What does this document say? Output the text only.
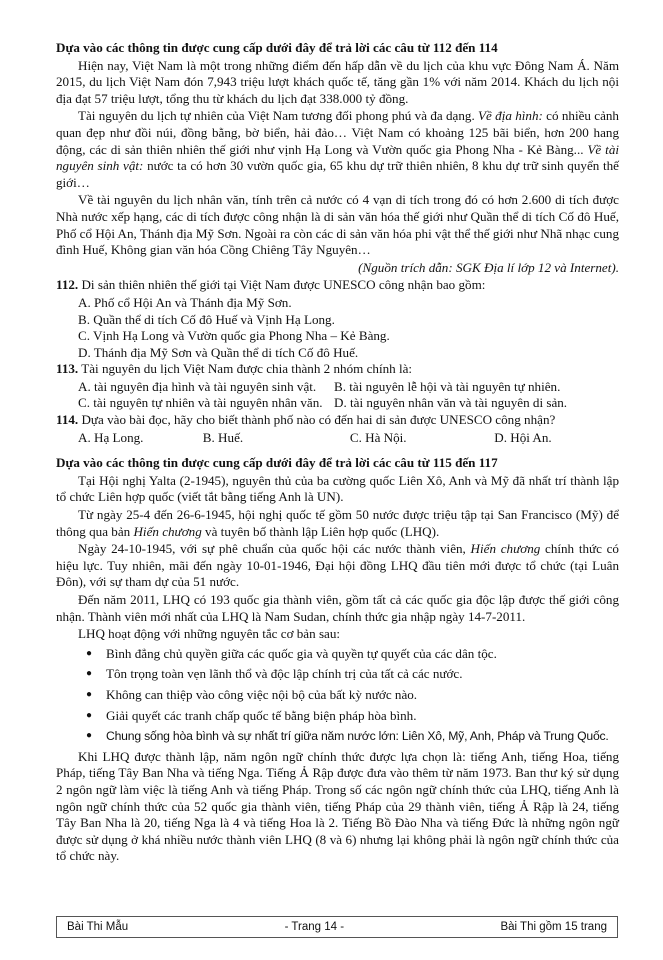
Dựa vào các thông tin được cung cấp dưới đây để trả lời các câu từ 112 đến 114
Hiện nay, Việt Nam là một trong những điểm đến hấp dẫn về du lịch của khu vực Đông Nam Á. Năm 2015, du lịch Việt Nam đón 7,943 triệu lượt khách quốc tế, tăng gần 1% với năm 2014. Khách du lịch nội địa đạt 57 triệu lượt, tổng thu từ khách du lịch đạt 338.000 tỷ đồng.
Tài nguyên du lịch tự nhiên của Việt Nam tương đối phong phú và đa dạng. Về địa hình: có nhiều cảnh quan đẹp như đồi núi, đồng bằng, bờ biển, hải đảo… Việt Nam có khoảng 125 bãi biển, hơn 200 hang động, các di sản thiên nhiên thế giới như vịnh Hạ Long và Vườn quốc gia Phong Nha - Kẻ Bàng... Về tài nguyên sinh vật: nước ta có hơn 30 vườn quốc gia, 65 khu dự trữ thiên nhiên, 8 khu dự trữ sinh quyển thế giới…
Về tài nguyên du lịch nhân văn, tính trên cả nước có 4 vạn di tích trong đó có hơn 2.600 di tích được Nhà nước xếp hạng, các di tích được công nhận là di sản văn hóa thế giới như Quần thể di tích Cố đô Huế, Phố cổ Hội An, Thánh địa Mỹ Sơn. Ngoài ra còn các di sản văn hóa phi vật thể thế giới như Nhã nhạc cung đình Huế, Không gian văn hóa Cồng Chiêng Tây Nguyên…
(Nguồn trích dẫn: SGK Địa lí lớp 12 và Internet).
112. Di sản thiên nhiên thế giới tại Việt Nam được UNESCO công nhận bao gồm:
A. Phố cổ Hội An và Thánh địa Mỹ Sơn.
B. Quần thể di tích Cố đô Huế và Vịnh Hạ Long.
C. Vịnh Hạ Long và Vườn quốc gia Phong Nha – Kẻ Bàng.
D. Thánh địa Mỹ Sơn và Quần thể di tích Cố đô Huế.
113. Tài nguyên du lịch Việt Nam được chia thành 2 nhóm chính là:
A. tài nguyên địa hình và tài nguyên sinh vật.	B. tài nguyên lễ hội và tài nguyên tự nhiên.
C. tài nguyên tự nhiên và tài nguyên nhân văn. D. tài nguyên nhân văn và tài nguyên di sản.
114. Dựa vào bài đọc, hãy cho biết thành phố nào có đến hai di sản được UNESCO công nhận?
A. Hạ Long.	B. Huế.	C. Hà Nội.	D. Hội An.
Dựa vào các thông tin được cung cấp dưới đây để trả lời các câu từ 115 đến 117
Tại Hội nghị Yalta (2-1945), nguyên thủ của ba cường quốc Liên Xô, Anh và Mỹ đã nhất trí thành lập tổ chức Liên hợp quốc (viết tắt bằng tiếng Anh là UN).
Từ ngày 25-4 đến 26-6-1945, hội nghị quốc tế gồm 50 nước được triệu tập tại San Francisco (Mỹ) để thông qua bản Hiến chương và tuyên bố thành lập Liên hợp quốc (LHQ).
Ngày 24-10-1945, với sự phê chuẩn của quốc hội các nước thành viên, Hiến chương chính thức có hiệu lực. Tuy nhiên, mãi đến ngày 10-01-1946, Đại hội đồng LHQ đầu tiên mới được tổ chức (tại Luân Đôn), với sự tham dự của 51 nước.
Đến năm 2011, LHQ có 193 quốc gia thành viên, gồm tất cả các quốc gia độc lập được thế giới công nhận. Thành viên mới nhất của LHQ là Nam Sudan, chính thức gia nhập ngày 14-7-2011.
LHQ hoạt động với những nguyên tắc cơ bản sau:
● Bình đẳng chủ quyền giữa các quốc gia và quyền tự quyết của các dân tộc.
● Tôn trọng toàn vẹn lãnh thổ và độc lập chính trị của tất cả các nước.
● Không can thiệp vào công việc nội bộ của bất kỳ nước nào.
● Giải quyết các tranh chấp quốc tế bằng biện pháp hòa bình.
● Chung sống hòa bình và sự nhất trí giữa năm nước lớn: Liên Xô, Mỹ, Anh, Pháp và Trung Quốc.
Khi LHQ được thành lập, năm ngôn ngữ chính thức được lựa chọn là: tiếng Anh, tiếng Hoa, tiếng Pháp, tiếng Tây Ban Nha và tiếng Nga. Tiếng Ả Rập được đưa vào thêm từ năm 1973. Ban thư ký sử dụng 2 ngôn ngữ làm việc là tiếng Anh và tiếng Pháp. Trong số các ngôn ngữ chính thức của LHQ, tiếng Anh là ngôn ngữ chính thức của 52 quốc gia thành viên, tiếng Pháp của 29 thành viên, tiếng Ả Rập là 24, tiếng Tây Ban Nha là 20, tiếng Nga là 4 và tiếng Hoa là 2. Tiếng Bồ Đào Nha và tiếng Đức là những ngôn ngữ được sử dụng ở khá nhiều nước thành viên LHQ (8 và 6) nhưng lại không phải là ngôn ngữ chính thức của tổ chức này.
Bài Thi Mẫu	- Trang 14 -	Bài Thi gồm 15 trang
